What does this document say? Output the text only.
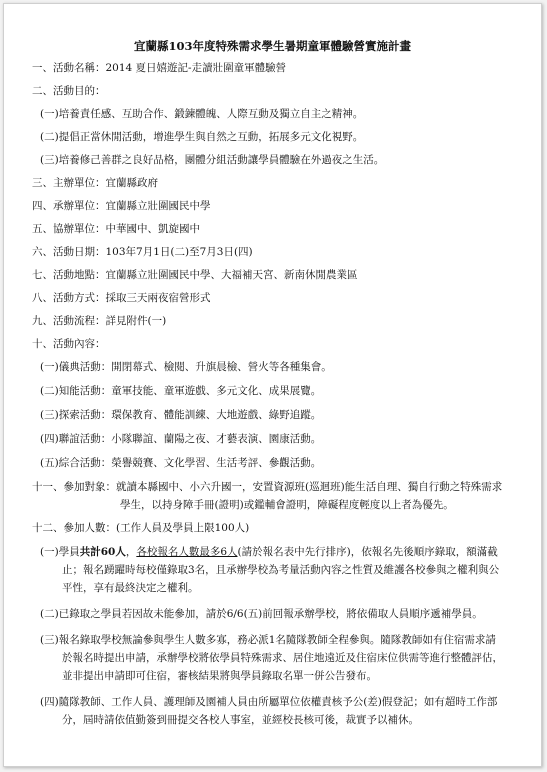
宜蘭縣103年度特殊需求學生暑期童軍體驗營實施計畫
一、活動名稱：2014 夏日嬉遊記-走讀壯圍童軍體驗營
二、活動目的：
(一)培養責任感、互助合作、鍛鍊體魄、人際互動及獨立自主之精神。
(二)提倡正當休閒活動，增進學生與自然之互動，拓展多元文化視野。
(三)培養修己善群之良好品格，團體分組活動讓學員體驗在外過夜之生活。
三、主辦單位：宜蘭縣政府
四、承辦單位：宜蘭縣立壯圍國民中學
五、協辦單位：中華國中、凱旋國中
六、活動日期：103年7月1日(二)至7月3日(四)
七、活動地點：宜蘭縣立壯圍國民中學、大福補天宮、新南休閒農業區
八、活動方式：採取三天兩夜宿營形式
九、活動流程：詳見附件(一)
十、活動內容：
(一)儀典活動：開閉幕式、檢閱、升旗晨檢、營火等各種集會。
(二)知能活動：童軍技能、童軍遊戲、多元文化、成果展覽。
(三)探索活動：環保教育、體能訓練、大地遊戲、綠野追蹤。
(四)聯誼活動：小隊聯誼、蘭陽之夜、才藝表演、園康活動。
(五)綜合活動：榮譽競賽、文化學習、生活考評、參觀活動。
十一、參加對象：就讀本縣國中、小六升國一，安置資源班(巡迴班)能生活自理、獨自行動之特殊需求
學生，以持身障手冊(證明)或鑑輔會證明，障礙程度輕度以上者為優先。
十二、參加人數：(工作人員及學員上限100人)
(一)學員共計60人，各校報名人數最多6人(請於報名表中先行排序)，依報名先後順序錄取，額滿截
止；報名踴躍時每校僅錄取3名，且承辦學校為考量活動內容之性質及維護各校參與之權利與公
平性，享有最終決定之權利。
(二)已錄取之學員若因故未能參加，請於6/6(五)前回報承辦學校，將依備取人員順序遞補學員。
(三)報名錄取學校無論參與學生人數多寡，務必派1名隨隊教師全程參與。隨隊教師如有住宿需求請
於報名時提出申請，承辦學校將依學員特殊需求、居住地遠近及住宿床位供需等進行整體評估，
並非提出申請即可住宿，審核結果將與學員錄取名單一併公告發布。
(四)隨隊教師、工作人員、護理師及園補人員由所屬單位依權責核予公(差)假登記；如有超時工作部
分，屆時請依值勤簽到冊提交各校人事室，並經校長核可後，裁實予以補休。
